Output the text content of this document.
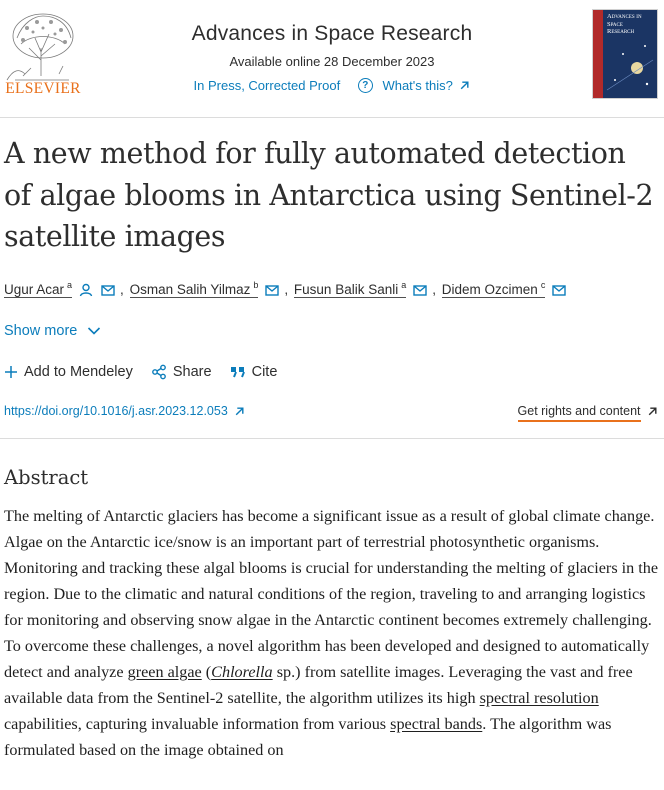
ELSEVIER
Advances in Space Research
Available online 28 December 2023
In Press, Corrected Proof ? What's this?
Advances in
Space
Research
A new method for fully automated detection of algae blooms in Antarctica using Sentinel-2 satellite images
Ugur Acar $^a$	, Osman Salih Yilmaz $^b$ , Fusun Balik Sanli $^a$ , Didem Ozcimen $^c$
Show more
Add to Mendeley	Share	Cite
https://doi.org/10.1016/j.asr.2023.12.053	Get rights and content
Abstract

The melting of Antarctic glaciers has become a significant issue as a result of global climate change. Algae on the Antarctic ice/snow is an important part of terrestrial photosynthetic organisms. Monitoring and tracking these algal blooms is crucial for understanding the melting of glaciers in the region. Due to the climatic and natural conditions of the region, traveling to and arranging logistics for monitoring and observing snow algae in the Antarctic continent becomes extremely challenging. To overcome these challenges, a novel algorithm has been developed and designed to automatically detect and analyze green algae (Chlorella sp.) from satellite images. Leveraging the vast and free available data from the Sentinel-2 satellite, the algorithm utilizes its high spectral resolution capabilities, capturing invaluable information from various spectral bands. The algorithm was formulated based on the image obtained on
